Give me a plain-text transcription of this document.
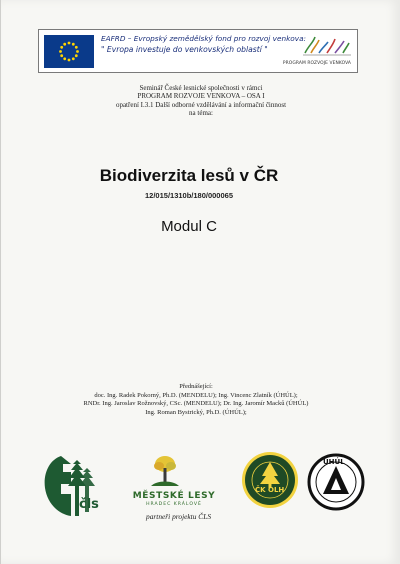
EAFRD – Evropský zemědělský fond pro rozvoj venkova:
" Evropa investuje do venkovských oblastí "
PROGRAM ROZVOJE VENKOVA
Seminář České lesnické společnosti v rámci
PROGRAM ROZVOJE VENKOVA – OSA I
opatření I.3.1 Další odborné vzdělávání a informační činnost
na téma:
Biodiverzita lesů v ČR
12/015/1310b/180/000065
Modul C
Přednášející:
doc. Ing. Radek Pokorný, Ph.D. (MENDELU); Ing. Vincenc Zlatník (ÚHÚL);
RNDr. Ing. Jaroslav Rožnovský, CSc. (MENDELU); Dr. Ing. Jaromír Macků (ÚHÚL)
Ing. Roman Bystrický, Ph.D. (ÚHÚL);
čls
MĚSTSKÉ LESY
HRADEC KRÁLOVÉ
partneři projektu ČLS
ČK OLH
ÚHÚL
